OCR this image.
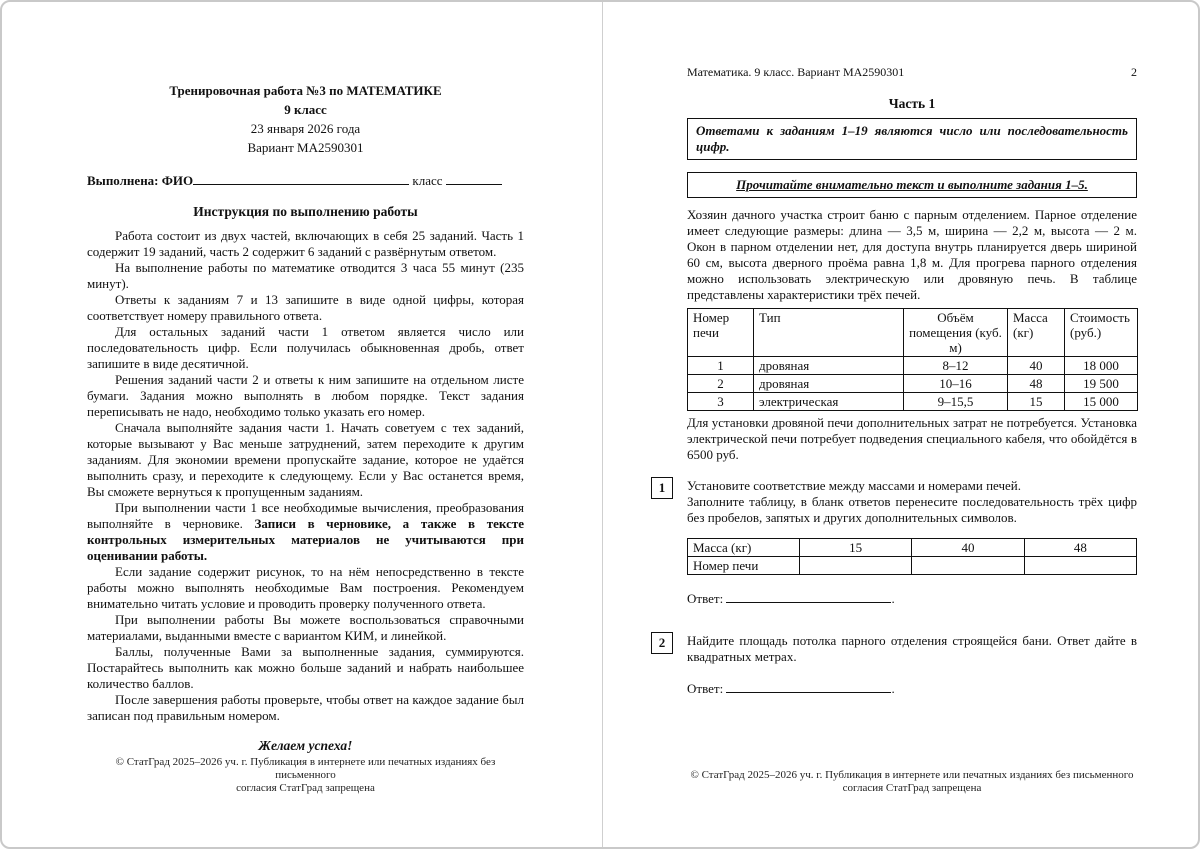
Тренировочная работа №3 по МАТЕМАТИКЕ
9 класс
23 января 2026 года
Вариант МА2590301
Выполнена: ФИО	класс
Инструкция по выполнению работы

Работа состоит из двух частей, включающих в себя 25 заданий. Часть 1 содержит 19 заданий, часть 2 содержит 6 заданий с развёрнутым ответом.

На выполнение работы по математике отводится 3 часа 55 минут (235 минут).

Ответы к заданиям 7 и 13 запишите в виде одной цифры, которая соответствует номеру правильного ответа.

Для остальных заданий части 1 ответом является число или последовательность цифр. Если получилась обыкновенная дробь, ответ запишите в виде десятичной.

Решения заданий части 2 и ответы к ним запишите на отдельном листе бумаги. Задания можно выполнять в любом порядке. Текст задания переписывать не надо, необходимо только указать его номер.

Сначала выполняйте задания части 1. Начать советуем с тех заданий, которые вызывают у Вас меньше затруднений, затем переходите к другим заданиям. Для экономии времени пропускайте задание, которое не удаётся выполнить сразу, и переходите к следующему. Если у Вас останется время, Вы сможете вернуться к пропущенным заданиям.

При выполнении части 1 все необходимые вычисления, преобразования выполняйте в черновике. Записи в черновике, а также в тексте контрольных измерительных материалов не учитываются при оценивании работы.

Если задание содержит рисунок, то на нём непосредственно в тексте работы можно выполнять необходимые Вам построения. Рекомендуем внимательно читать условие и проводить проверку полученного ответа.

При выполнении работы Вы можете воспользоваться справочными материалами, выданными вместе с вариантом КИМ, и линейкой.

Баллы, полученные Вами за выполненные задания, суммируются. Постарайтесь выполнить как можно больше заданий и набрать наибольшее количество баллов.

После завершения работы проверьте, чтобы ответ на каждое задание был записан под правильным номером.

Желаем успеха!
© СтатГрад 2025–2026 уч. г. Публикация в интернете или печатных изданиях без письменного
согласия СтатГрад запрещена
Математика. 9 класс. Вариант МА2590301	2
Часть 1
Ответами к заданиям 1–19 являются число или последовательность цифр.
Прочитайте внимательно текст и выполните задания 1–5.

Хозяин дачного участка строит баню с парным отделением. Парное отделение имеет следующие размеры: длина — 3,5 м, ширина — 2,2 м, высота — 2 м. Окон в парном отделении нет, для доступа внутрь планируется дверь шириной 60 см, высота дверного проёма равна 1,8 м. Для прогрева парного отделения можно использовать электрическую или дровяную печь. В таблице представлены характеристики трёх печей.

Номер печи	Тип	Объём помещения (куб. м)	Масса (кг)	Стоимость (руб.)
1	дровяная	8–12	40	18 000
2	дровяная	10–16	48	19 500
3	электрическая	9–15,5	15	15 000

Для установки дровяной печи дополнительных затрат не потребуется. Установка электрической печи потребует подведения специального кабеля, что обойдётся в 6500 руб.

1	Установите соответствие между массами и номерами печей.
Заполните таблицу, в бланк ответов перенесите последовательность трёх цифр без пробелов, запятых и других дополнительных символов.
Масса (кг)	15	40	48
Номер печи			
Ответ:	.
2	Найдите площадь потолка парного отделения строящейся бани. Ответ дайте в квадратных метрах.
Ответ:	.
© СтатГрад 2025–2026 уч. г. Публикация в интернете или печатных изданиях без письменного
согласия СтатГрад запрещена
